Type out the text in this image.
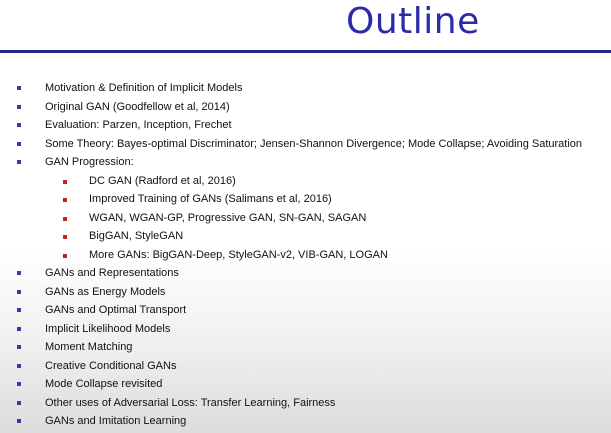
Outline
Motivation & Definition of Implicit Models
Original GAN (Goodfellow et al, 2014)
Evaluation: Parzen, Inception, Frechet
Some Theory: Bayes-optimal Discriminator; Jensen-Shannon Divergence; Mode Collapse; Avoiding Saturation
GAN Progression:
DC GAN (Radford et al, 2016)
Improved Training of GANs (Salimans et al, 2016)
WGAN, WGAN-GP, Progressive GAN, SN-GAN, SAGAN
BigGAN, StyleGAN
More GANs: BigGAN-Deep, StyleGAN-v2, VIB-GAN, LOGAN
GANs and Representations
GANs as Energy Models
GANs and Optimal Transport
Implicit Likelihood Models
Moment Matching
Creative Conditional GANs
Mode Collapse revisited
Other uses of Adversarial Loss: Transfer Learning, Fairness
GANs and Imitation Learning
